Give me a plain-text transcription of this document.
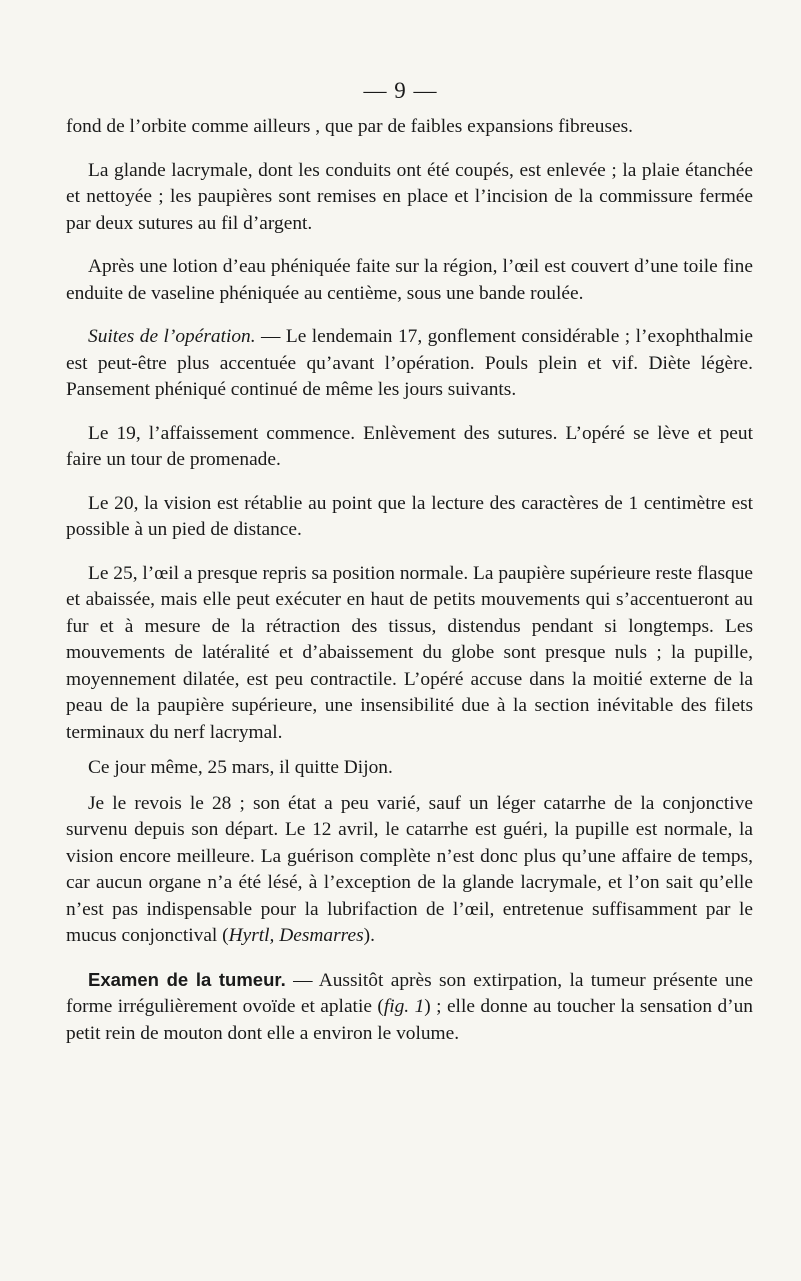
— 9 —

fond de l’orbite comme ailleurs , que par de faibles expansions fibreuses.

La glande lacrymale, dont les conduits ont été coupés, est enlevée ; la plaie étanchée et nettoyée ; les paupières sont remises en place et l’incision de la commissure fermée par deux sutures au fil d’argent.

Après une lotion d’eau phéniquée faite sur la région, l’œil est couvert d’une toile fine enduite de vaseline phéniquée au centième, sous une bande roulée.

Suites de l’opération. — Le lendemain 17, gonflement considérable ; l’exophthalmie est peut-être plus accentuée qu’avant l’opération. Pouls plein et vif. Diète légère. Pansement phéniqué continué de même les jours suivants.

Le 19, l’affaissement commence. Enlèvement des sutures. L’opéré se lève et peut faire un tour de promenade.

Le 20, la vision est rétablie au point que la lecture des caractères de 1 centimètre est possible à un pied de distance.

Le 25, l’œil a presque repris sa position normale. La paupière supérieure reste flasque et abaissée, mais elle peut exécuter en haut de petits mouvements qui s’accentueront au fur et à mesure de la rétraction des tissus, distendus pendant si longtemps. Les mouvements de latéralité et d’abaissement du globe sont presque nuls ; la pupille, moyennement dilatée, est peu contractile. L’opéré accuse dans la moitié externe de la peau de la paupière supérieure, une insensibilité due à la section inévitable des filets terminaux du nerf lacrymal.

Ce jour même, 25 mars, il quitte Dijon.

Je le revois le 28 ; son état a peu varié, sauf un léger catarrhe de la conjonctive survenu depuis son départ. Le 12 avril, le catarrhe est guéri, la pupille est normale, la vision encore meilleure. La guérison complète n’est donc plus qu’une affaire de temps, car aucun organe n’a été lésé, à l’exception de la glande lacrymale, et l’on sait qu’elle n’est pas indispensable pour la lubrifaction de l’œil, entretenue suffisamment par le mucus conjonctival (Hyrtl, Desmarres).

Examen de la tumeur. — Aussitôt après son extirpation, la tumeur présente une forme irrégulièrement ovoïde et aplatie (fig. 1) ; elle donne au toucher la sensation d’un petit rein de mouton dont elle a environ le volume.
